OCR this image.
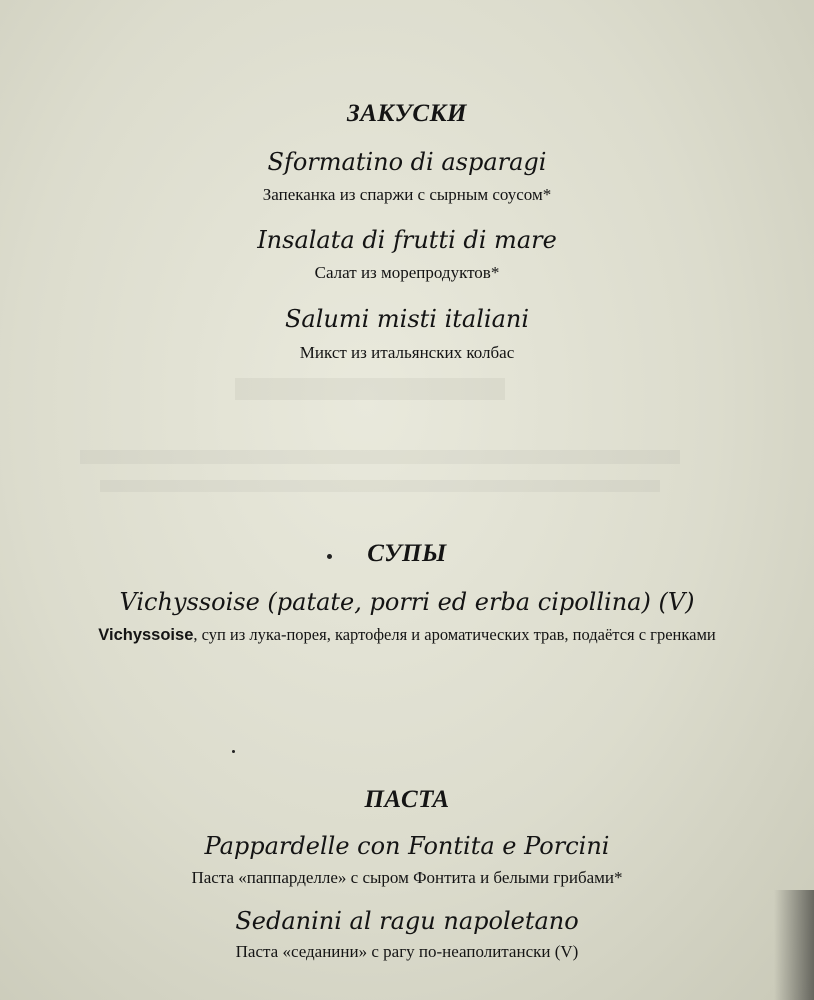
ЗАКУСКИ

Sformatino di asparagi

Запеканка из спаржи с сырным соусом*

Insalata di frutti di mare

Салат из морепродуктов*

Salumi misti italiani

Микст из итальянских колбас

СУПЫ

Vichyssoise (patate, porri ed erba cipollina) (V)

Vichyssoise, суп из лука-порея, картофеля и ароматических трав, подаётся с гренками

ПАСТА

Pappardelle con Fontita e Porcini

Паста «паппарделле» с сыром Фонтита и белыми грибами*

Sedanini al ragu napoletano

Паста «седанини» с рагу по-неаполитански (V)
